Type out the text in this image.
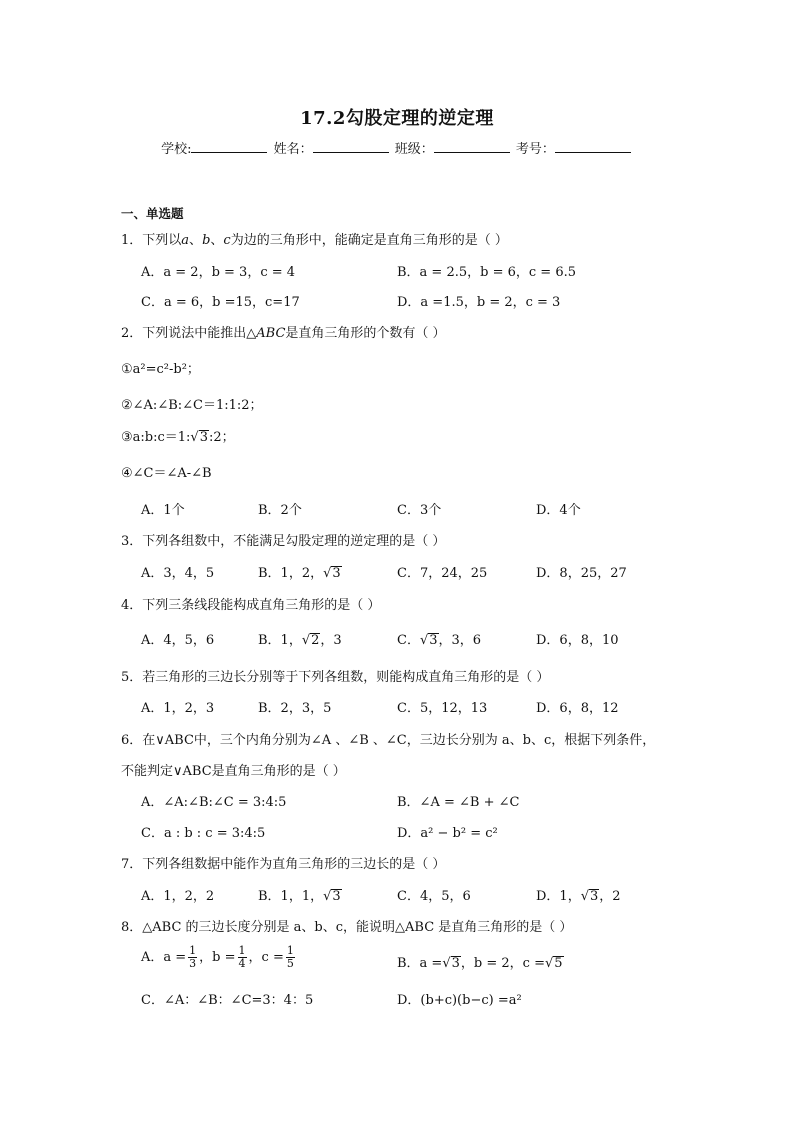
17.2勾股定理的逆定理
学校:	姓名：	班级：	考号：
一、单选题
1．下列以a、b、c为边的三角形中，能确定是直角三角形的是（ ）
A．a = 2，b = 3，c = 4	B．a = 2.5，b = 6，c = 6.5
C．a = 6，b =15，c=17	D．a =1.5，b = 2，c = 3
2．下列说法中能推出△ABC是直角三角形的个数有（ ）
①a²=c²-b²；
②∠A:∠B:∠C＝1:1:2；
③a:b:c＝1:√3:2；
④∠C＝∠A-∠B
A．1个	B．2个	C．3个	D．4个
3．下列各组数中，不能满足勾股定理的逆定理的是（ ）
A．3，4，5	B．1，2，√3	C．7，24，25	D．8，25，27
4．下列三条线段能构成直角三角形的是（ ）
A．4，5，6	B．1，√2，3	C．√3，3，6	D．6，8，10
5．若三角形的三边长分别等于下列各组数，则能构成直角三角形的是（ ）
A．1，2，3	B．2，3，5	C．5，12，13	D．6，8，12
6．在∨ABC中，三个内角分别为∠A 、∠B 、∠C，三边长分别为 a、b、c，根据下列条件，
不能判定∨ABC是直角三角形的是（ ）
A．∠A:∠B:∠C = 3:4:5	B．∠A = ∠B + ∠C
C．a : b : c = 3:4:5	D．a² − b² = c²
7．下列各组数据中能作为直角三角形的三边长的是（ ）
A．1，2，2	B．1，1，√3	C．4，5，6	D．1，√3，2
8．△ABC 的三边长度分别是 a、b、c，能说明△ABC 是直角三角形的是（ ）
A．$a = \frac{1}{3}$ ，$b = \frac{1}{4}$ ，$c = \frac{1}{5}$	B．a =√3，b = 2，c =√5
C．∠A：∠B：∠C=3：4：5	D．(b+c)(b−c) =a²
